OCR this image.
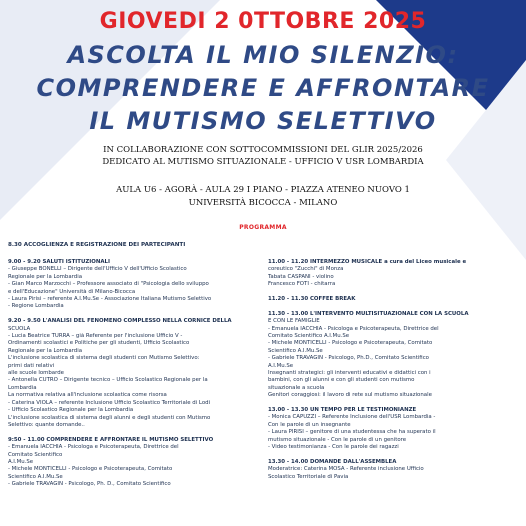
GIOVEDI 2 0TTOBRE 2025
ASCOLTA IL MIO SILENZIO:
COMPRENDERE E AFFRONTARE
IL MUTISMO SELETTIVO
IN COLLABORAZIONE CON SOTTOCOMMISSIONI DEL GLIR 2025/2026
DEDICATO AL MUTISMO SITUAZIONALE - UFFICIO V USR LOMBARDIA
AULA U6 - AGORÀ - AULA 29 I PIANO - PIAZZA ATENEO NUOVO 1
UNIVERSITÀ BICOCCA - MILANO
PROGRAMMA
8.30 ACCOGLIENZA E REGISTRAZIONE DEI PARTECIPANTI
9.00 - 9.20 SALUTI ISTITUZIONALI
- Giuseppe BONELLI – Dirigente dell'Ufficio V dell'Ufficio Scolastico
Regionale per la Lombardia
- Gian Marco Marzocchi – Professore associato di "Psicologia dello sviluppo
e dell'Educazione" Università di Milano-Bicocca
- Laura Pirisi – referente A.I.Mu.Se - Associazione Italiana Mutismo Selettivo
- Regione Lombardia
9.20 - 9.50 L'ANALISI DEL FENOMENO COMPLESSO NELLA CORNICE DELLA
SCUOLA
- Lucia Beatrice TURRA – già Referente per l'inclusione Ufficio V -
Ordinamenti scolastici e Politiche per gli studenti, Ufficio Scolastico
Regionale per la Lombardia
L'inclusione scolastica di sistema degli studenti con Mutismo Selettivo:
primi dati relativi
alle scuole lombarde
- Antonella CUTRO – Dirigente tecnico – Ufficio Scolastico Regionale per la
Lombardia
La normativa relativa all'inclusione scolastica come risorsa
- Caterina VIOLA – referente Inclusione Ufficio Scolastico Territoriale di Lodi
- Ufficio Scolastico Regionale per la Lombardia
L'inclusione scolastica di sistema degli alunni e degli studenti con Mutismo
Selettivo: quante domande..
9:50 - 11.00 COMPRENDERE E AFFRONTARE IL MUTISMO SELETTIVO
- Emanuela IACCHIA - Psicologa e Psicoterapeuta, Direttrice del
Comitato Scientifico
A.I.Mu.Se
- Michele MONTICELLI - Psicologo e Psicoterapeuta, Comitato
Scientifico A.I.Mu.Se
- Gabriele TRAVAGIN - Psicologo, Ph. D., Comitato Scientifico
11.00 - 11.20 INTERMEZZO MUSICALE a cura del Liceo musicale e
coreutico "Zucchi" di Monza
Tabata CASPANI - violino
Francesco FOTI - chitarra
11.20 - 11.30 COFFEE BREAK
11.30 - 13.00 L'INTERVENTO MULTISITUAZIONALE CON LA SCUOLA
E CON LE FAMIGLIE
- Emanuela IACCHIA - Psicologa e Psicoterapeuta, Direttrice del
Comitato Scientifico A.I.Mu.Se
- Michele MONTICELLI - Psicologo e Psicoterapeuta, Comitato
Scientifico A.I.Mu.Se
- Gabriele TRAVAGIN - Psicologo, Ph.D., Comitato Scientifico
A.I.Mu.Se
Insegnanti strategici: gli interventi educativi e didattici con i
bambini, con gli alunni e con gli studenti con mutismo
situazionale a scuola
Genitori coraggiosi: il lavoro di rete sul mutismo situazionale
13.00 - 13.30 UN TEMPO PER LE TESTIMONIANZE
- Monica CAPUZZI – Referente Inclusione dell'USR Lombardia -
Con le parole di un insegnante
- Laura PIRISI – genitore di una studentessa che ha superato il
mutismo situazionale - Con le parole di un genitore
- Video testimonianza - Con le parole dei ragazzi
13.30 - 14.00 DOMANDE DALL'ASSEMBLEA
Moderatrice: Caterina MOSA - Referente inclusione Ufficio
Scolastico Territoriale di Pavia
